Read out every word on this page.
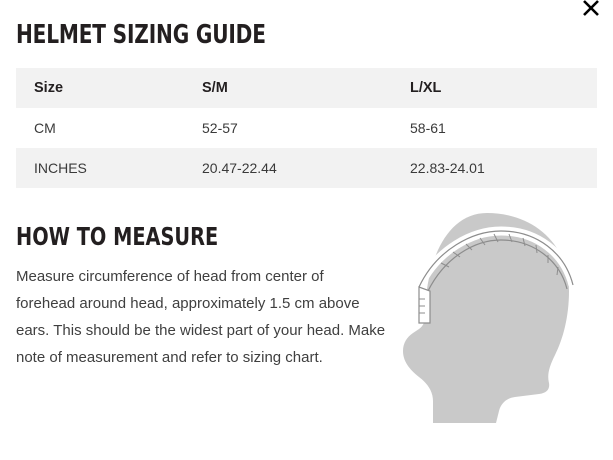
HELMET SIZING GUIDE
Size	S/M	L/XL
CM	52-57	58-61
INCHES	20.47-22.44	22.83-24.01
HOW TO MEASURE

Measure circumference of head from center of forehead around head, approximately 1.5 cm above ears. This should be the widest part of your head. Make note of measurement and refer to sizing chart.
